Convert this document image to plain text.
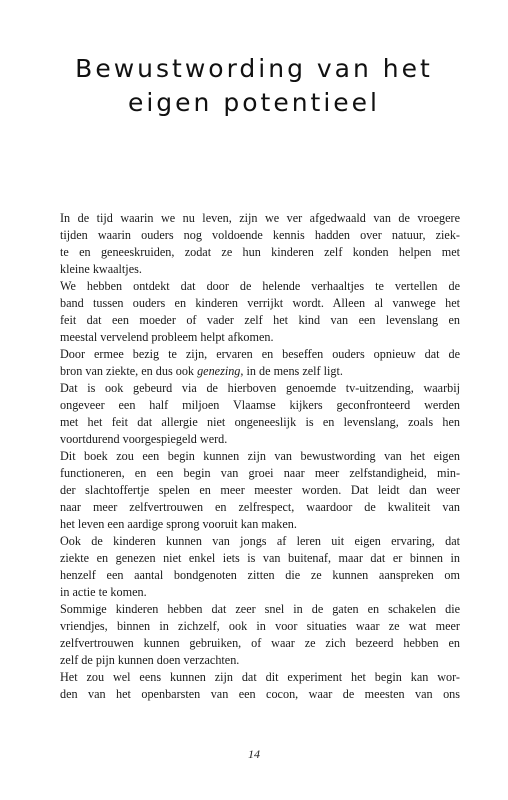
Bewustwording van het
eigen potentieel
In de tijd waarin we nu leven, zijn we ver afgedwaald van de vroegere
tijden waarin ouders nog voldoende kennis hadden over natuur, ziek-
te en geneeskruiden, zodat ze hun kinderen zelf konden helpen met
kleine kwaaltjes.
We hebben ontdekt dat door de helende verhaaltjes te vertellen de
band tussen ouders en kinderen verrijkt wordt. Alleen al vanwege het
feit dat een moeder of vader zelf het kind van een levenslang en
meestal vervelend probleem helpt afkomen.
Door ermee bezig te zijn, ervaren en beseffen ouders opnieuw dat de
bron van ziekte, en dus ook genezing, in de mens zelf ligt.
Dat is ook gebeurd via de hierboven genoemde tv-uitzending, waarbij
ongeveer een half miljoen Vlaamse kijkers geconfronteerd werden
met het feit dat allergie niet ongeneeslijk is en levenslang, zoals hen
voortdurend voorgespiegeld werd.
Dit boek zou een begin kunnen zijn van bewustwording van het eigen
functioneren, en een begin van groei naar meer zelfstandigheid, min-
der slachtoffertje spelen en meer meester worden. Dat leidt dan weer
naar meer zelfvertrouwen en zelfrespect, waardoor de kwaliteit van
het leven een aardige sprong vooruit kan maken.
Ook de kinderen kunnen van jongs af leren uit eigen ervaring, dat
ziekte en genezen niet enkel iets is van buitenaf, maar dat er binnen in
henzelf een aantal bondgenoten zitten die ze kunnen aanspreken om
in actie te komen.
Sommige kinderen hebben dat zeer snel in de gaten en schakelen die
vriendjes, binnen in zichzelf, ook in voor situaties waar ze wat meer
zelfvertrouwen kunnen gebruiken, of waar ze zich bezeerd hebben en
zelf de pijn kunnen doen verzachten.
Het zou wel eens kunnen zijn dat dit experiment het begin kan wor-
den van het openbarsten van een cocon, waar de meesten van ons
14
